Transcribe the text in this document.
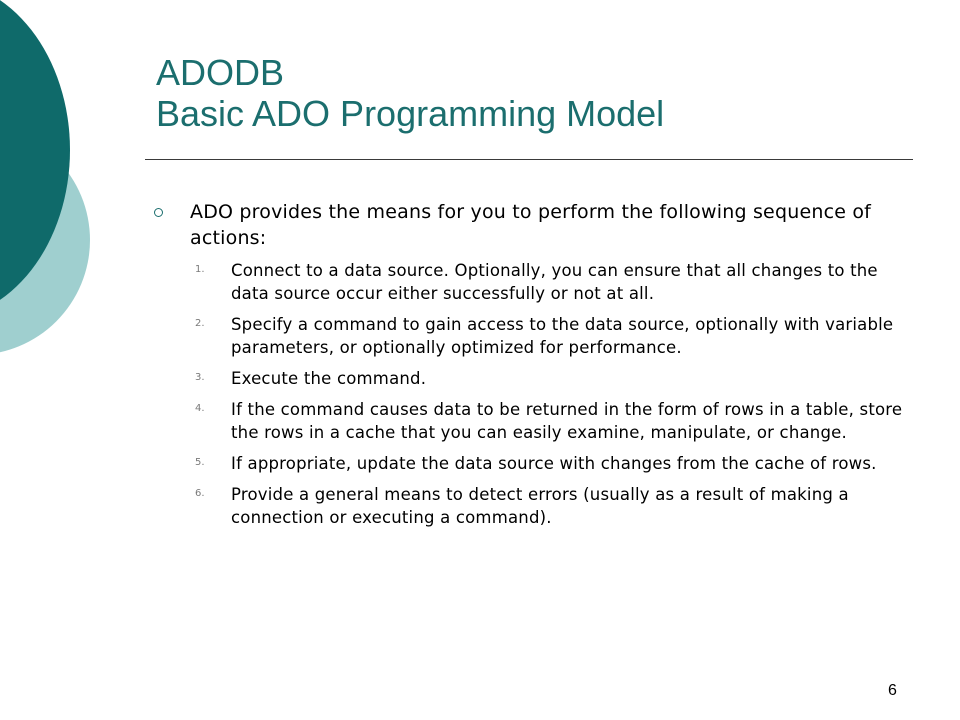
ADODB
Basic ADO Programming Model
ADO provides the means for you to perform the following sequence of actions:
1. Connect to a data source. Optionally, you can ensure that all changes to the data source occur either successfully or not at all.
2. Specify a command to gain access to the data source, optionally with variable parameters, or optionally optimized for performance.
3. Execute the command.
4. If the command causes data to be returned in the form of rows in a table, store the rows in a cache that you can easily examine, manipulate, or change.
5. If appropriate, update the data source with changes from the cache of rows.
6. Provide a general means to detect errors (usually as a result of making a connection or executing a command).
6
